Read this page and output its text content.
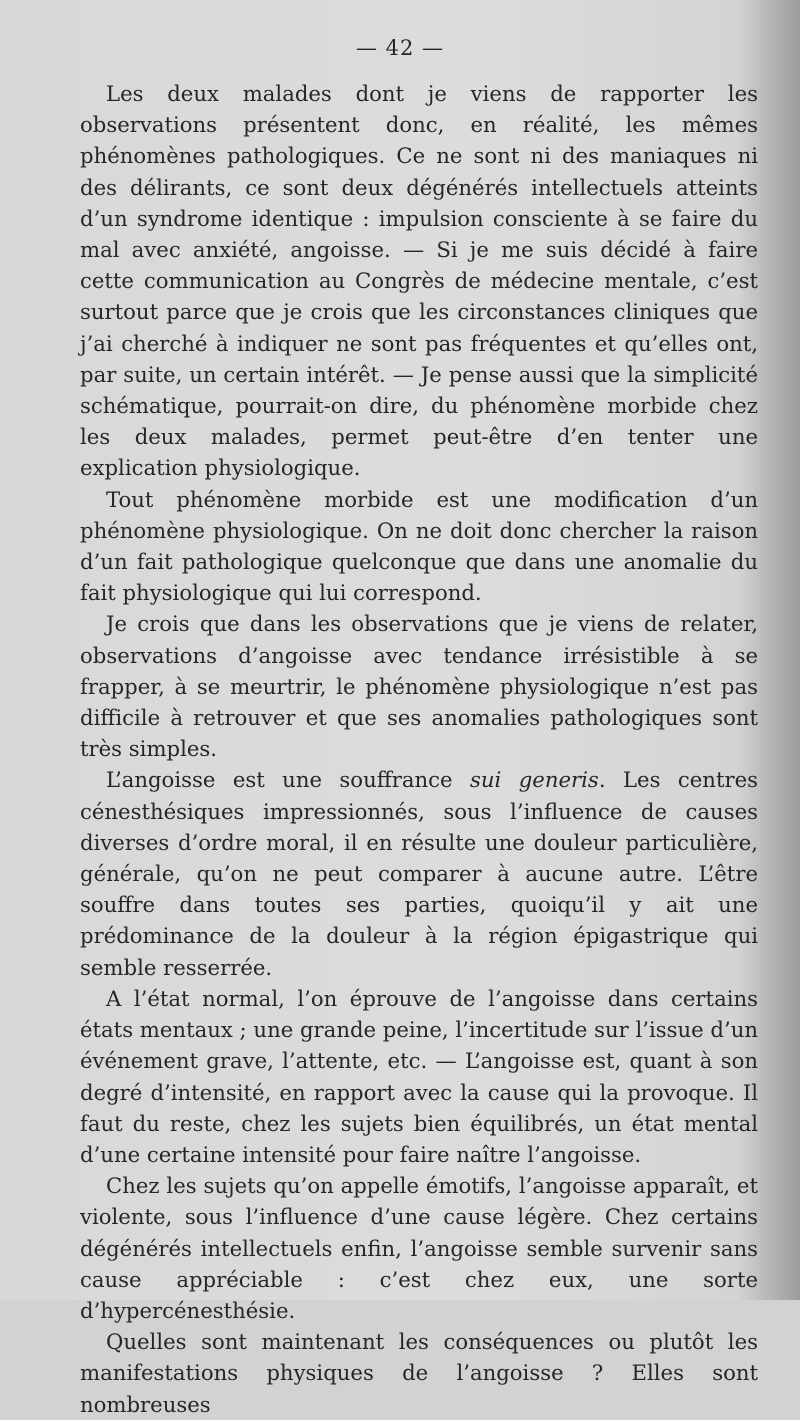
— 42 —

Les deux malades dont je viens de rapporter les observations présentent donc, en réalité, les mêmes phénomènes pathologiques. Ce ne sont ni des maniaques ni des délirants, ce sont deux dégénérés intellectuels atteints d’un syndrome identique : impulsion consciente à se faire du mal avec anxiété, angoisse. — Si je me suis décidé à faire cette communication au Congrès de médecine mentale, c’est surtout parce que je crois que les circonstances cliniques que j’ai cherché à indiquer ne sont pas fréquentes et qu’elles ont, par suite, un certain intérêt. — Je pense aussi que la simplicité schématique, pourrait-on dire, du phénomène morbide chez les deux malades, permet peut-être d’en tenter une explication physiologique.

Tout phénomène morbide est une modification d’un phénomène physiologique. On ne doit donc chercher la raison d’un fait pathologique quelconque que dans une anomalie du fait physiologique qui lui correspond.

Je crois que dans les observations que je viens de relater, observations d’angoisse avec tendance irrésistible à se frapper, à se meurtrir, le phénomène physiologique n’est pas difficile à retrouver et que ses anomalies pathologiques sont très simples.

L’angoisse est une souffrance sui generis. Les centres cénesthésiques impressionnés, sous l’influence de causes diverses d’ordre moral, il en résulte une douleur particulière, générale, qu’on ne peut comparer à aucune autre. L’être souffre dans toutes ses parties, quoiqu’il y ait une prédominance de la douleur à la région épigastrique qui semble resserrée.

A l’état normal, l’on éprouve de l’angoisse dans certains états mentaux ; une grande peine, l’incertitude sur l’issue d’un événement grave, l’attente, etc. — L’angoisse est, quant à son degré d’intensité, en rapport avec la cause qui la provoque. Il faut du reste, chez les sujets bien équilibrés, un état mental d’une certaine intensité pour faire naître l’angoisse.

Chez les sujets qu’on appelle émotifs, l’angoisse apparaît, et violente, sous l’influence d’une cause légère. Chez certains dégénérés intellectuels enfin, l’angoisse semble survenir sans cause appréciable : c’est chez eux, une sorte d’hypercénesthésie.

Quelles sont maintenant les conséquences ou plutôt les manifestations physiques de l’angoisse ? Elles sont nombreuses
